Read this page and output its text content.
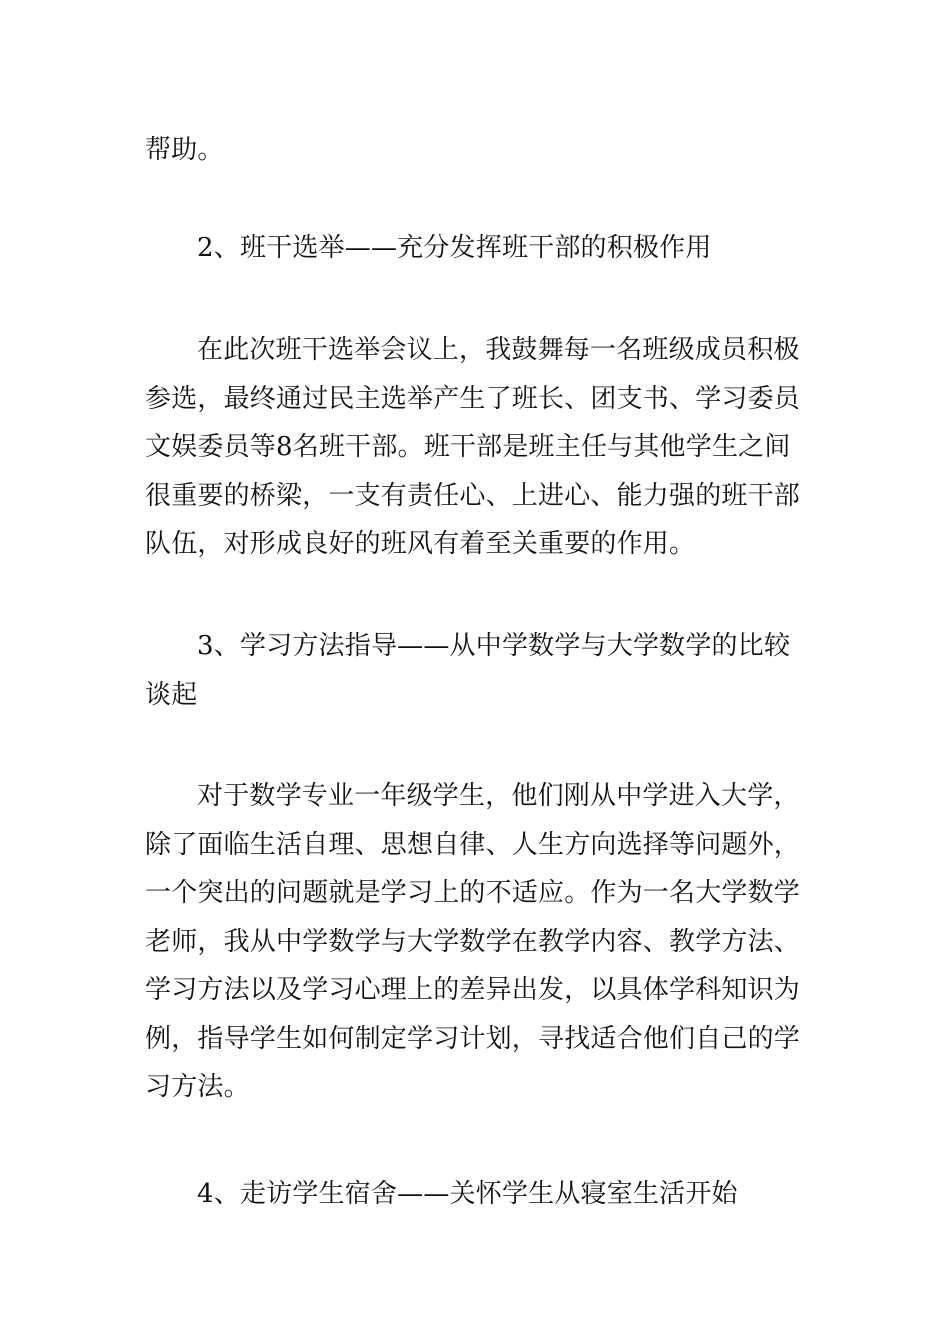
帮助。

2、班干选举——充分发挥班干部的积极作用

在此次班干选举会议上，我鼓舞每一名班级成员积极参选，最终通过民主选举产生了班长、团支书、学习委员文娱委员等8名班干部。班干部是班主任与其他学生之间很重要的桥梁，一支有责任心、上进心、能力强的班干部队伍，对形成良好的班风有着至关重要的作用。

3、学习方法指导——从中学数学与大学数学的比较谈起

对于数学专业一年级学生，他们刚从中学进入大学，除了面临生活自理、思想自律、人生方向选择等问题外，一个突出的问题就是学习上的不适应。作为一名大学数学老师，我从中学数学与大学数学在教学内容、教学方法、学习方法以及学习心理上的差异出发，以具体学科知识为例，指导学生如何制定学习计划，寻找适合他们自己的学习方法。

4、走访学生宿舍——关怀学生从寝室生活开始
